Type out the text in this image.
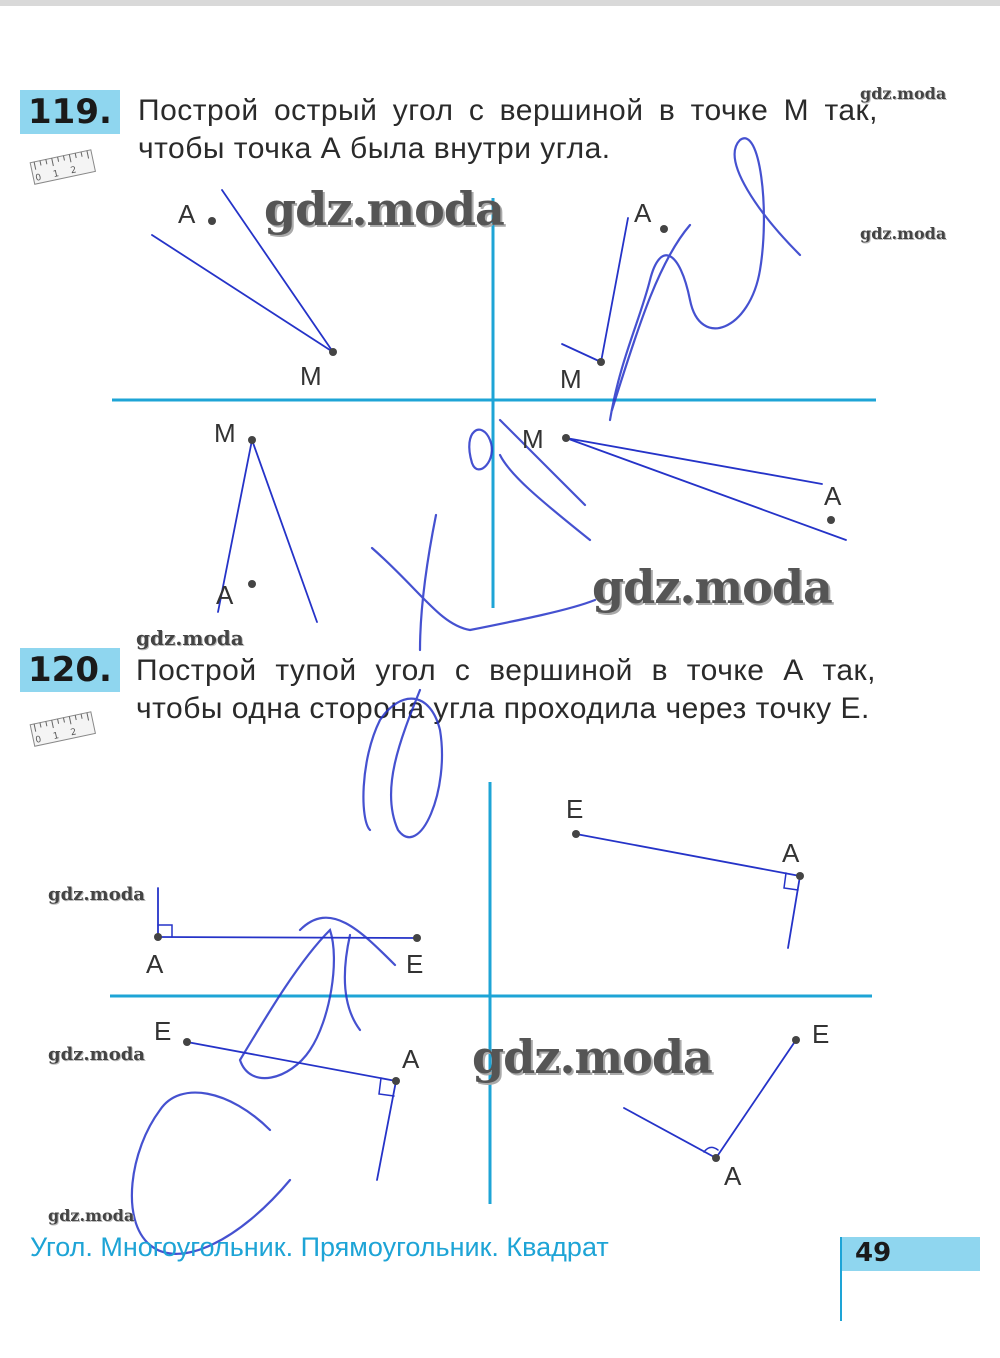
119. Построй острый угол с вершиной в точке М так, чтобы точка А была внутри угла.
0 1 2
120. Построй тупой угол с вершиной в точке А так, чтобы одна сторона угла проходила через точку Е.
0 1 2
А
М
А
М
М
А
М
А
А	Е
Е
А
Е
А
Е
А
gdz.moda
gdz.moda
gdz.moda
gdz.moda
gdz.moda
gdz.moda
gdz.moda
gdz.moda
gdz.moda
Угол. Многоугольник. Прямоугольник. Квадрат	49
